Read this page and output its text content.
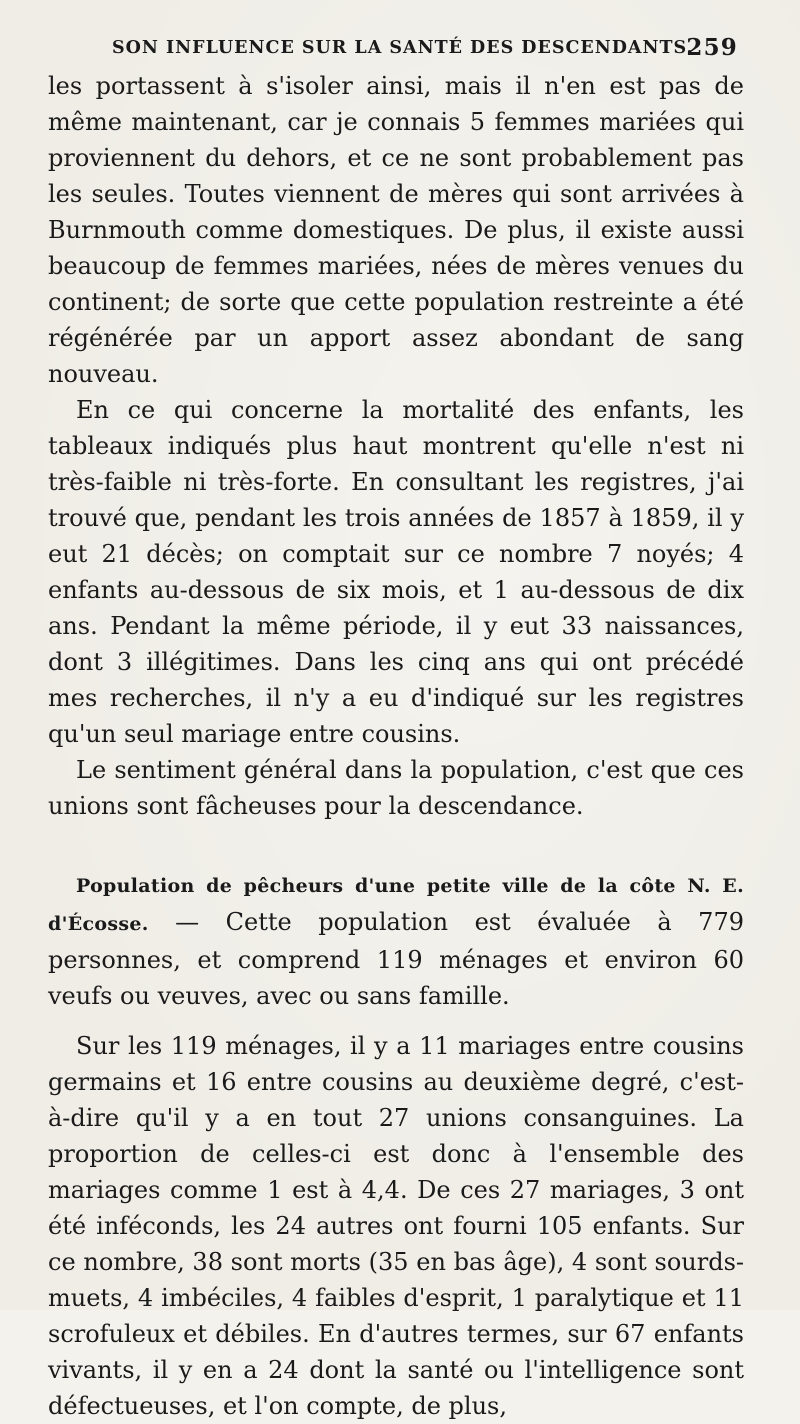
SON INFLUENCE SUR LA SANTÉ DES DESCENDANTS.
259

les portassent à s'isoler ainsi, mais il n'en est pas de même maintenant, car je connais 5 femmes mariées qui proviennent du dehors, et ce ne sont probablement pas les seules. Toutes viennent de mères qui sont arrivées à Burnmouth comme domestiques. De plus, il existe aussi beaucoup de femmes mariées, nées de mères venues du continent; de sorte que cette population restreinte a été régénérée par un apport assez abondant de sang nouveau.

En ce qui concerne la mortalité des enfants, les tableaux indiqués plus haut montrent qu'elle n'est ni très-faible ni très-forte. En consultant les registres, j'ai trouvé que, pendant les trois années de 1857 à 1859, il y eut 21 décès; on comptait sur ce nombre 7 noyés; 4 enfants au-dessous de six mois, et 1 au-dessous de dix ans. Pendant la même période, il y eut 33 naissances, dont 3 illégitimes. Dans les cinq ans qui ont précédé mes recherches, il n'y a eu d'indiqué sur les registres qu'un seul mariage entre cousins.

Le sentiment général dans la population, c'est que ces unions sont fâcheuses pour la descendance.

Population de pêcheurs d'une petite ville de la côte N. E. d'Écosse. — Cette population est évaluée à 779 personnes, et comprend 119 ménages et environ 60 veufs ou veuves, avec ou sans famille.

Sur les 119 ménages, il y a 11 mariages entre cousins germains et 16 entre cousins au deuxième degré, c'est-à-dire qu'il y a en tout 27 unions consanguines. La proportion de celles-ci est donc à l'ensemble des mariages comme 1 est à 4,4. De ces 27 mariages, 3 ont été inféconds, les 24 autres ont fourni 105 enfants. Sur ce nombre, 38 sont morts (35 en bas âge), 4 sont sourds-muets, 4 imbéciles, 4 faibles d'esprit, 1 paralytique et 11 scrofuleux et débiles. En d'autres termes, sur 67 enfants vivants, il y en a 24 dont la santé ou l'intelligence sont défectueuses, et l'on compte, de plus,
